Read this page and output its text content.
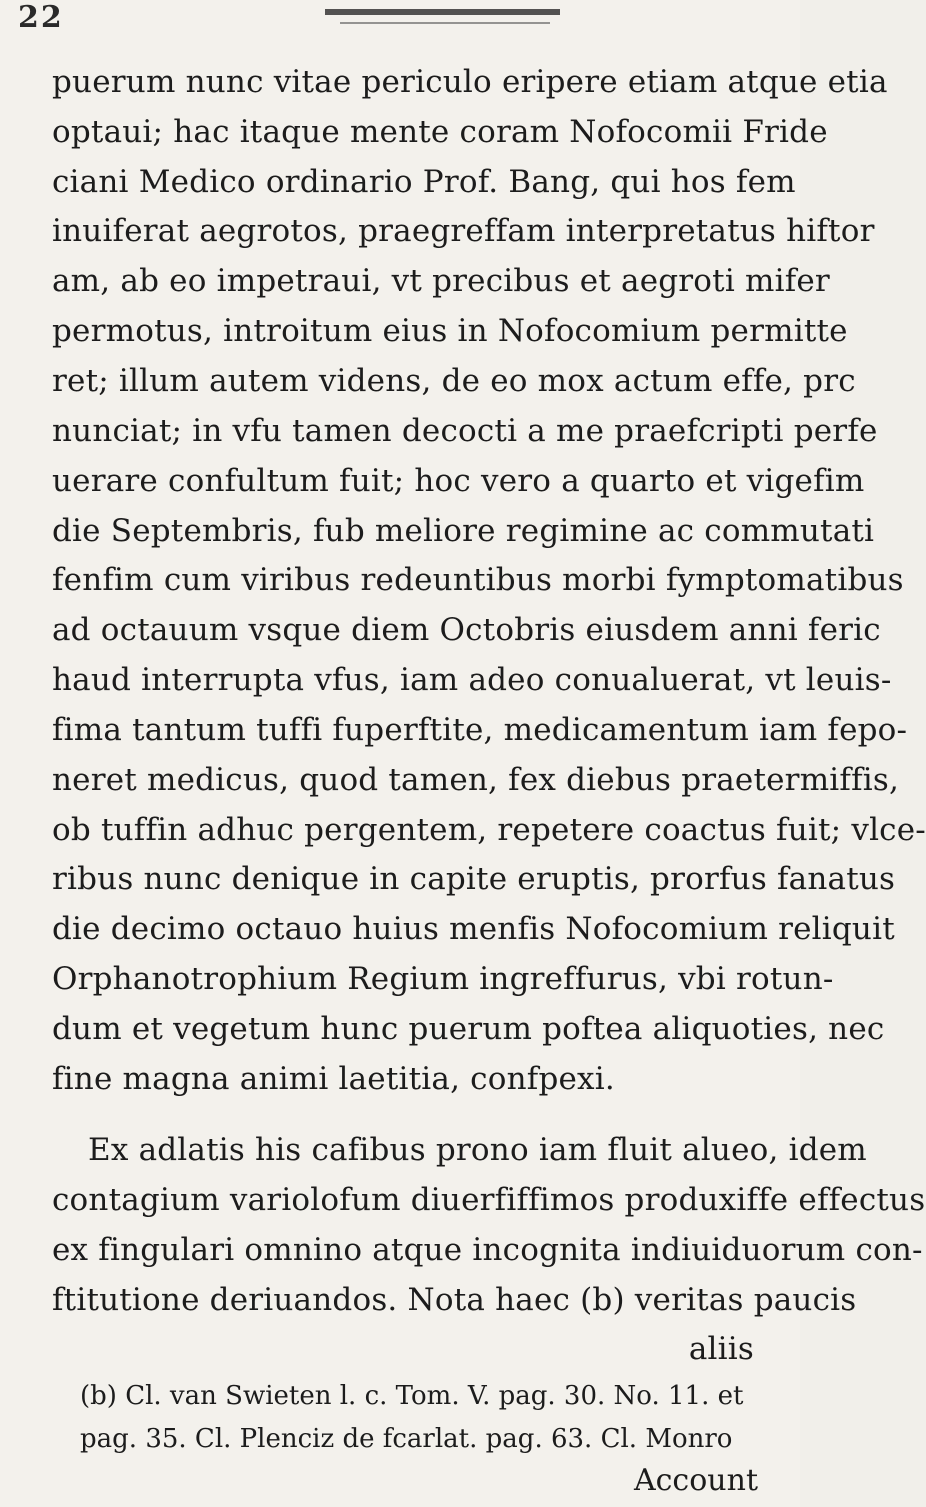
22
puerum nunc vitae periculo eripere etiam atque etia
optaui; hac itaque mente coram Nofocomii Fride
ciani Medico ordinario Prof. Bang, qui hos fem
inuiferat aegrotos, praegreffam interpretatus hiftor
am, ab eo impetraui, vt precibus et aegroti mifer
permotus, introitum eius in Nofocomium permitte
ret; illum autem videns, de eo mox actum effe, prc
nunciat; in vfu tamen decocti a me praefcripti perfe
uerare confultum fuit; hoc vero a quarto et vigefim
die Septembris, fub meliore regimine ac commutati
fenfim cum viribus redeuntibus morbi fymptomatibus
ad octauum vsque diem Octobris eiusdem anni feriс
haud interrupta vfus, iam adeo conualuerat, vt leuis-
fima tantum tuffi fuperftite, medicamentum iam fepo-
neret medicus, quod tamen, fex diebus praetermiffis,
ob tuffin adhuc pergentem, repetere coactus fuit; vlce-
ribus nunc denique in capite eruptis, prorfus fanatus
die decimo octauo huius menfis Nofocomium reliquit
Orphanotrophium Regium ingreffurus, vbi rotun-
dum et vegetum hunc puerum poftea aliquoties, nec
fine magna animi laetitia, confpexi.
Ex adlatis his cafibus prono iam fluit alueo, idem
contagium variolofum diuerfiffimos produxiffe effectus
ex fingulari omnino atque incognita indiuiduorum con-
ftitutione deriuandos. Nota haec (b) veritas paucis
aliis
(b) Cl. van Swieten l. c. Tom. V. pag. 30. No. 11. et
pag. 35. Cl. Plenciz de fcarlat. pag. 63. Cl. Monro
Account
